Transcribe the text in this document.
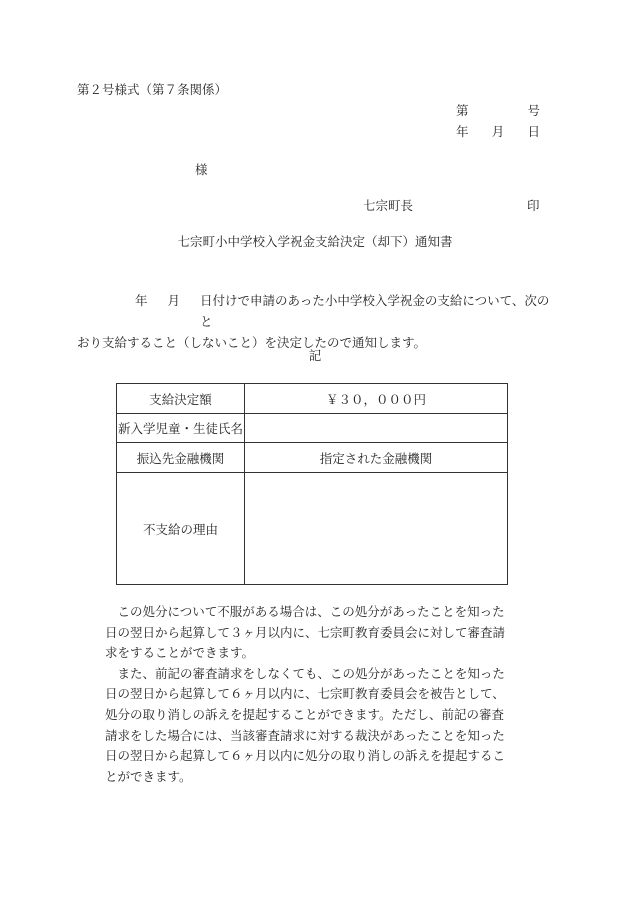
第２号様式（第７条関係）
第	号
年 月 日
様
七宗町長	印
七宗町小中学校入学祝金支給決定（却下）通知書
年 月 日付けで申請のあった小中学校入学祝金の支給について、次のと
おり支給すること（しないこと）を決定したので通知します。
記
支給決定額	￥３０，０００円
新入学児童・生徒氏名	
振込先金融機関	指定された金融機関
不支給の理由	

この処分について不服がある場合は、この処分があったことを知った日の翌日から起算して３ヶ月以内に、七宗町教育委員会に対して審査請求をすることができます。

また、前記の審査請求をしなくても、この処分があったことを知った日の翌日から起算して６ヶ月以内に、七宗町教育委員会を被告として、処分の取り消しの訴えを提起することができます。ただし、前記の審査請求をした場合には、当該審査請求に対する裁決があったことを知った日の翌日から起算して６ヶ月以内に処分の取り消しの訴えを提起することができます。
